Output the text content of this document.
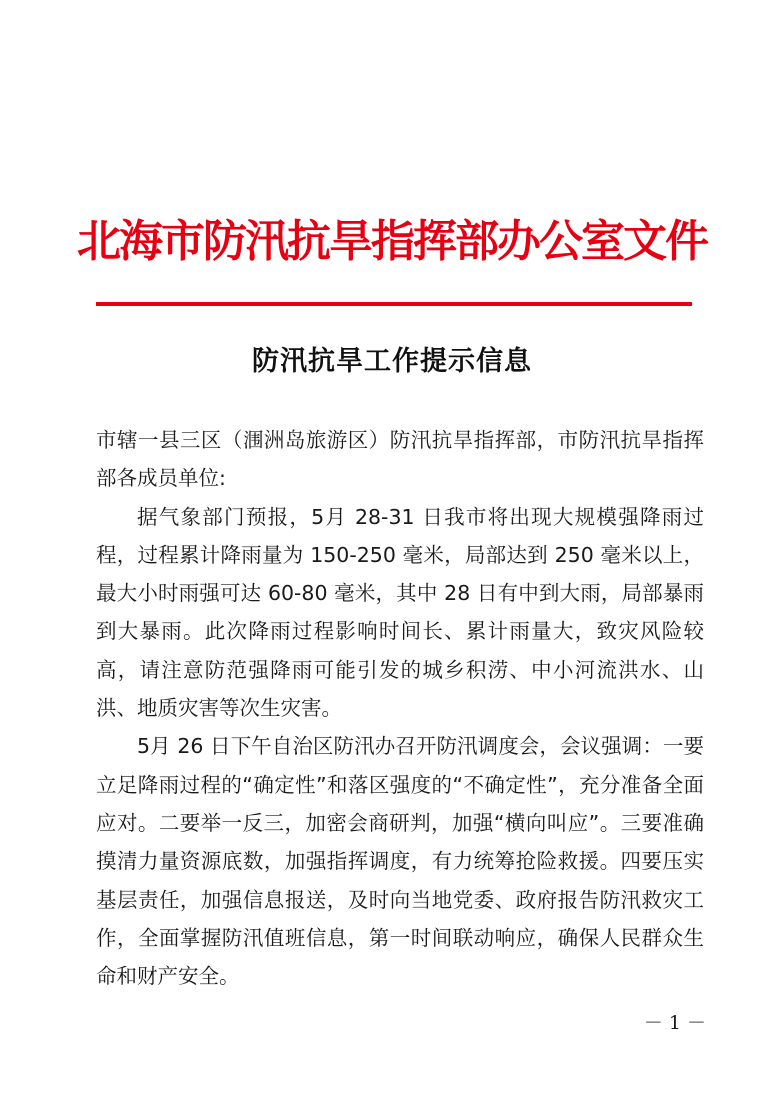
北海市防汛抗旱指挥部办公室文件
防汛抗旱工作提示信息

市辖一县三区（涠洲岛旅游区）防汛抗旱指挥部，市防汛抗旱指挥部各成员单位:

据气象部门预报，5月 28-31 日我市将出现大规模强降雨过程，过程累计降雨量为 150-250 毫米，局部达到 250 毫米以上，最大小时雨强可达 60-80 毫米，其中 28 日有中到大雨，局部暴雨到大暴雨。此次降雨过程影响时间长、累计雨量大，致灾风险较高，请注意防范强降雨可能引发的城乡积涝、中小河流洪水、山洪、地质灾害等次生灾害。

5月 26 日下午自治区防汛办召开防汛调度会，会议强调：一要立足降雨过程的“确定性”和落区强度的“不确定性”，充分准备全面应对。二要举一反三，加密会商研判，加强“横向叫应”。三要准确摸清力量资源底数，加强指挥调度，有力统筹抢险救援。四要压实基层责任，加强信息报送，及时向当地党委、政府报告防汛救灾工作，全面掌握防汛值班信息，第一时间联动响应，确保人民群众生命和财产安全。

－ 1 －
